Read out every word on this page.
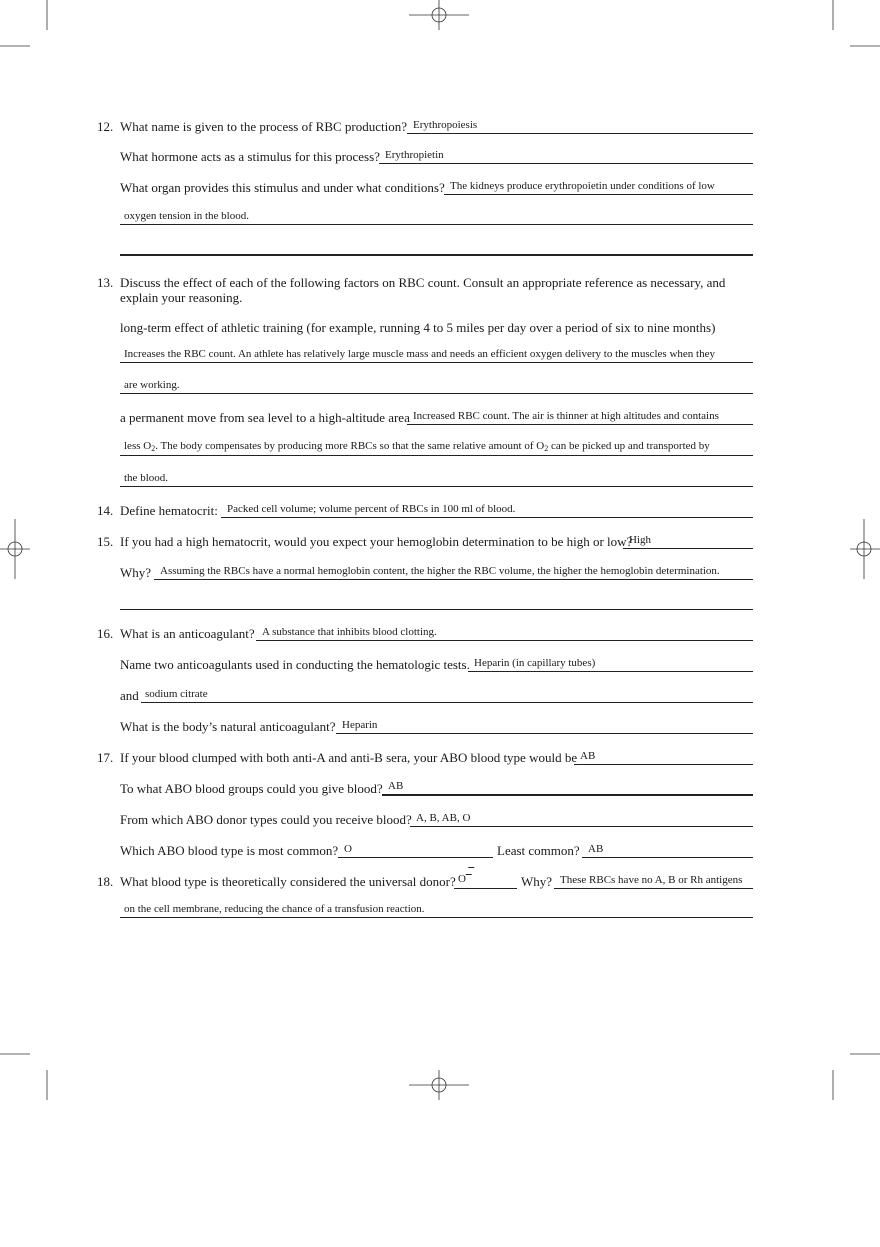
12. What name is given to the process of RBC production? Erythropoiesis
What hormone acts as a stimulus for this process? Erythropietin
What organ provides this stimulus and under what conditions? The kidneys produce erythropoietin under conditions of low
oxygen tension in the blood.
13. Discuss the effect of each of the following factors on RBC count. Consult an appropriate reference as necessary, and explain your reasoning.
long-term effect of athletic training (for example, running 4 to 5 miles per day over a period of six to nine months)
Increases the RBC count. An athlete has relatively large muscle mass and needs an efficient oxygen delivery to the muscles when they
are working.
a permanent move from sea level to a high-altitude area Increased RBC count. The air is thinner at high altitudes and contains
less $O_2$. The body compensates by producing more RBCs so that the same relative amount of $O_2$ can be picked up and transported by
the blood.
14. Define hematocrit: Packed cell volume; volume percent of RBCs in 100 ml of blood.
15. If you had a high hematocrit, would you expect your hemoglobin determination to be high or low?
High
Why? Assuming the RBCs have a normal hemoglobin content, the higher the RBC volume, the higher the hemoglobin determination.
16. What is an anticoagulant? A substance that inhibits blood clotting.
Name two anticoagulants used in conducting the hematologic tests. Heparin (in capillary tubes)
and sodium citrate
What is the body’s natural anticoagulant? Heparin
17. If your blood clumped with both anti-A and anti-B sera, your ABO blood type would be AB
To what ABO blood groups could you give blood? AB
From which ABO donor types could you receive blood? A, B, AB, O
Which ABO blood type is most common? O	Least common? AB
18. What blood type is theoretically considered the universal donor? O	Why? These RBCs have no A, B or Rh antigens
on the cell membrane, reducing the chance of a transfusion reaction.
